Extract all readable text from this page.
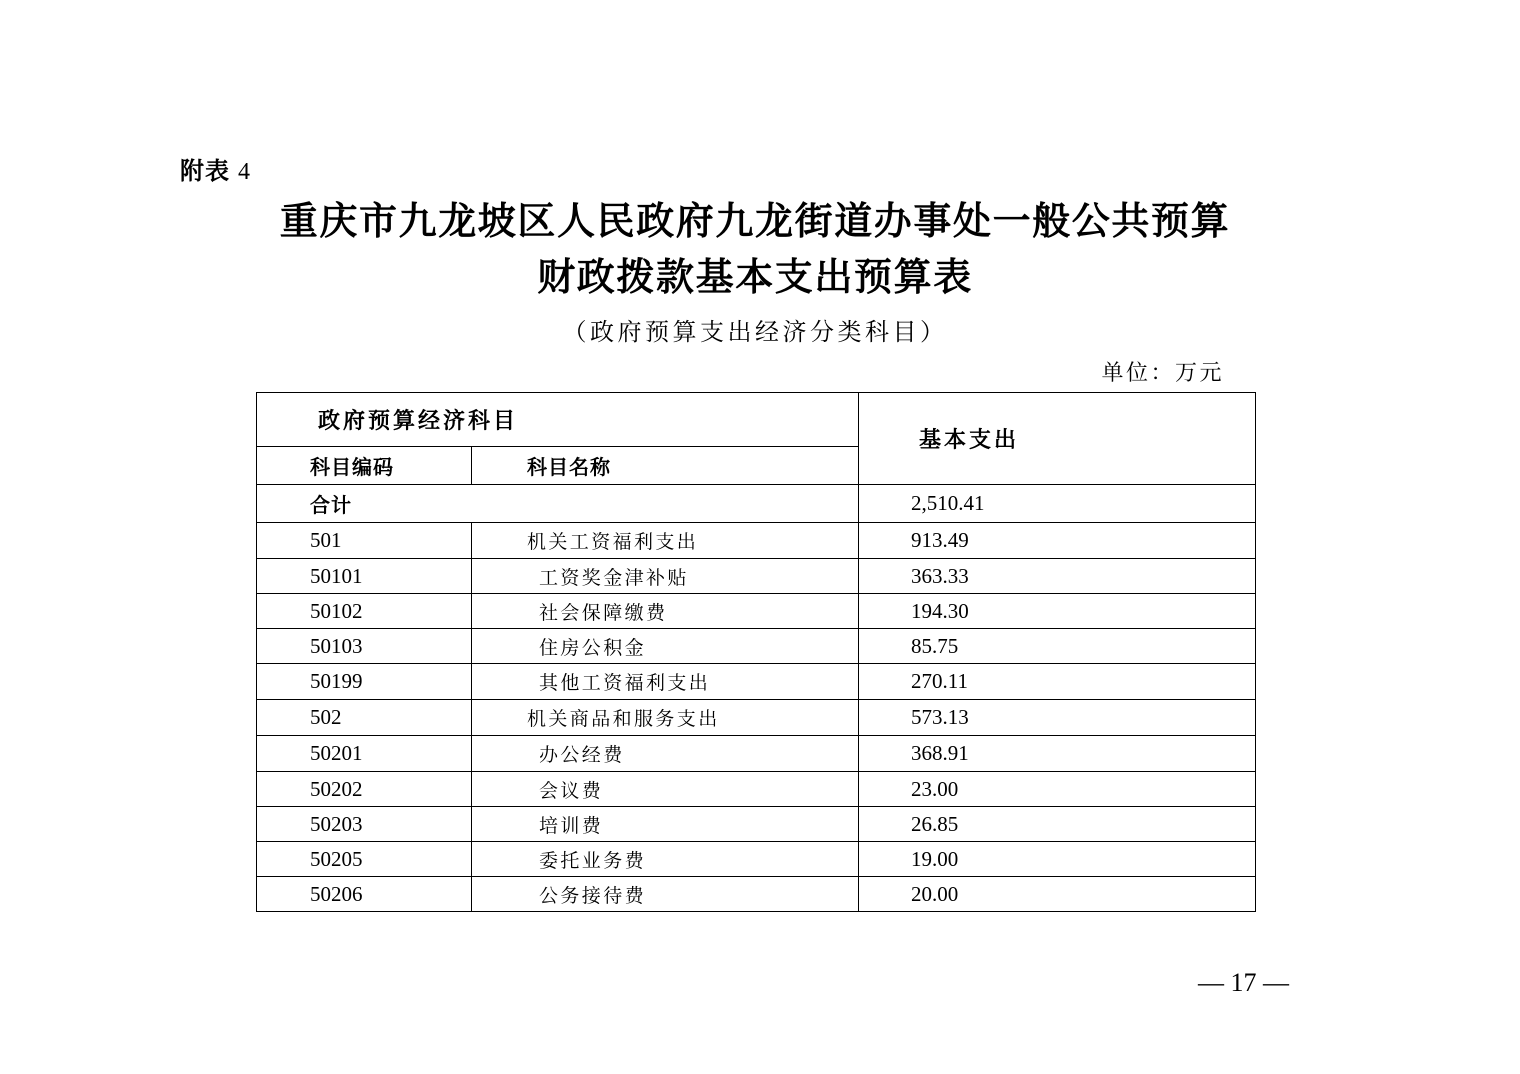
附表 4
重庆市九龙坡区人民政府九龙街道办事处一般公共预算
财政拨款基本支出预算表
（政府预算支出经济分类科目）
单位：万元
政府预算经济科目		基本支出
科目编码	科目名称	
合计		2,510.41
501	机关工资福利支出	913.49
50101	工资奖金津补贴	363.33
50102	社会保障缴费	194.30
50103	住房公积金	85.75
50199	其他工资福利支出	270.11
502	机关商品和服务支出	573.13
50201	办公经费	368.91
50202	会议费	23.00
50203	培训费	26.85
50205	委托业务费	19.00
50206	公务接待费	20.00
— 17 —
